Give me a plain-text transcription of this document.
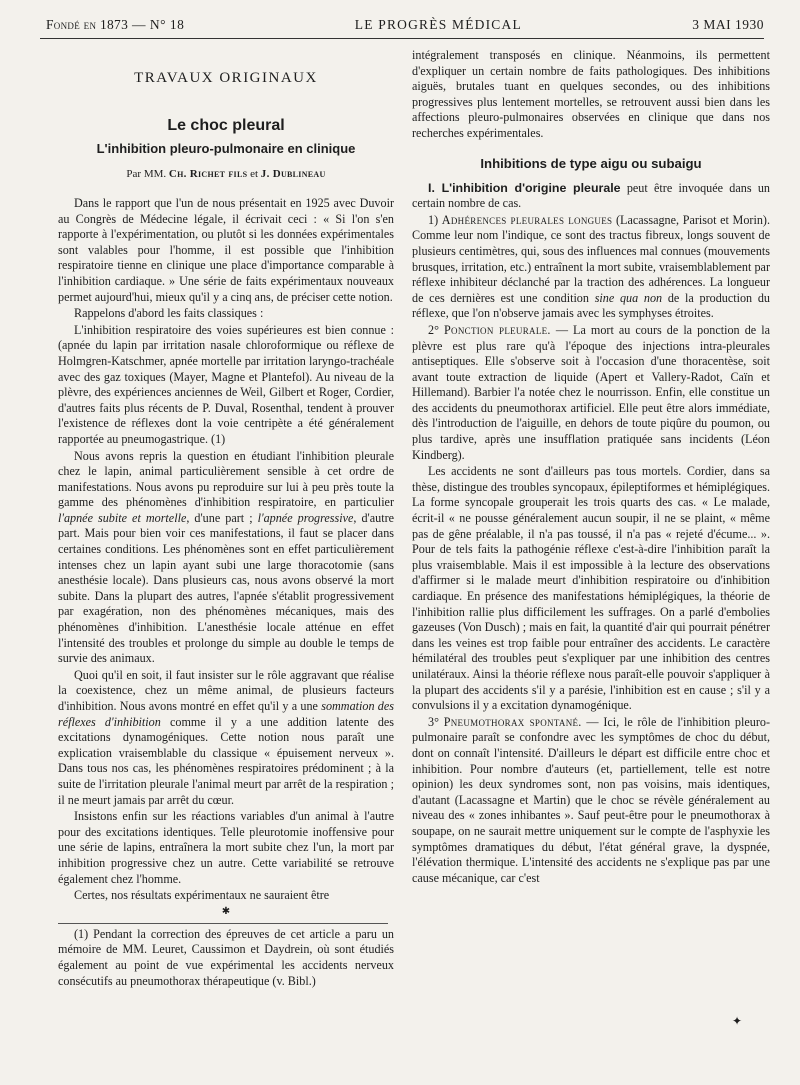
Fondé en 1873 — N° 18	LE PROGRÈS MÉDICAL	3 MAI 1930
TRAVAUX ORIGINAUX
Le choc pleural
L'inhibition pleuro-pulmonaire en clinique
Par MM. Ch. Richet fils et J. Dublineau

Dans le rapport que l'un de nous présentait en 1925 avec Duvoir au Congrès de Médecine légale, il écrivait ceci : « Si l'on s'en rapporte à l'expérimentation, ou plutôt si les données expérimentales sont valables pour l'homme, il est possible que l'inhibition respiratoire tienne en clinique une place d'importance comparable à l'inhibition cardiaque. » Une série de faits expérimentaux nouveaux permet aujourd'hui, mieux qu'il y a cinq ans, de préciser cette notion.

Rappelons d'abord les faits classiques :

L'inhibition respiratoire des voies supérieures est bien connue : (apnée du lapin par irritation nasale chloroformique ou réflexe de Holmgren-Katschmer, apnée mortelle par irritation laryngo-trachéale avec des gaz toxiques (Mayer, Magne et Plantefol). Au niveau de la plèvre, des expériences anciennes de Weil, Gilbert et Roger, Cordier, d'autres faits plus récents de P. Duval, Rosenthal, tendent à prouver l'existence de réflexes dont la voie centripète a été généralement rapportée au pneumogastrique. (1)

Nous avons repris la question en étudiant l'inhibition pleurale chez le lapin, animal particulièrement sensible à cet ordre de manifestations. Nous avons pu reproduire sur lui à peu près toute la gamme des phénomènes d'inhibition respiratoire, en particulier l'apnée subite et mortelle, d'une part ; l'apnée progressive, d'autre part. Mais pour bien voir ces manifestations, il faut se placer dans certaines conditions. Les phénomènes sont en effet particulièrement intenses chez un lapin ayant subi une large thoracotomie (sans anesthésie locale). Dans plusieurs cas, nous avons observé la mort subite. Dans la plupart des autres, l'apnée s'établit progressivement par exagération, non des phénomènes mécaniques, mais des phénomènes d'inhibition. L'anesthésie locale atténue en effet l'intensité des troubles et prolonge du simple au double le temps de survie des animaux.

Quoi qu'il en soit, il faut insister sur le rôle aggravant que réalise la coexistence, chez un même animal, de plusieurs facteurs d'inhibition. Nous avons montré en effet qu'il y a une sommation des réflexes d'inhibition comme il y a une addition latente des excitations dynamogéniques. Cette notion nous paraît une explication vraisemblable du classique « épuisement nerveux ». Dans tous nos cas, les phénomènes respiratoires prédominent ; à la suite de l'irritation pleurale l'animal meurt par arrêt de la respiration ; il ne meurt jamais par arrêt du cœur.

Insistons enfin sur les réactions variables d'un animal à l'autre pour des excitations identiques. Telle pleurotomie inoffensive pour une série de lapins, entraînera la mort subite chez l'un, la mort par inhibition progressive chez un autre. Cette variabilité se retrouve également chez l'homme.

Certes, nos résultats expérimentaux ne sauraient être

✱

(1) Pendant la correction des épreuves de cet article a paru un mémoire de MM. Leuret, Caussimon et Daydrein, où sont étudiés également au point de vue expérimental les accidents nerveux consécutifs au pneumothorax thérapeutique (v. Bibl.)

intégralement transposés en clinique. Néanmoins, ils permettent d'expliquer un certain nombre de faits pathologiques. Des inhibitions aiguës, brutales tuant en quelques secondes, ou des inhibitions progressives plus lentement mortelles, se retrouvent aussi bien dans les affections pleuro-pulmonaires observées en clinique que dans nos recherches expérimentales.

Inhibitions de type aigu ou subaigu

I. L'inhibition d'origine pleurale peut être invoquée dans un certain nombre de cas.

1) Adhérences pleurales longues (Lacassagne, Parisot et Morin). Comme leur nom l'indique, ce sont des tractus fibreux, longs souvent de plusieurs centimètres, qui, sous des influences mal connues (mouvements brusques, irritation, etc.) entraînent la mort subite, vraisemblablement par réflexe inhibiteur déclanché par la traction des adhérences. La longueur de ces dernières est une condition sine qua non de la production du réflexe, que l'on n'observe jamais avec les symphyses étroites.

2° Ponction pleurale. — La mort au cours de la ponction de la plèvre est plus rare qu'à l'époque des injections intra-pleurales antiseptiques. Elle s'observe soit à l'occasion d'une thoracentèse, soit avant toute extraction de liquide (Apert et Vallery-Radot, Caïn et Hillemand). Barbier l'a notée chez le nourrisson. Enfin, elle constitue un des accidents du pneumothorax artificiel. Elle peut être alors immédiate, dès l'introduction de l'aiguille, en dehors de toute piqûre du poumon, ou plus tardive, après une insufflation pratiquée sans incidents (Léon Kindberg).

Les accidents ne sont d'ailleurs pas tous mortels. Cordier, dans sa thèse, distingue des troubles syncopaux, épileptiformes et hémiplégiques. La forme syncopale grouperait les trois quarts des cas. « Le malade, écrit-il « ne pousse généralement aucun soupir, il ne se plaint, « même pas de gêne préalable, il n'a pas toussé, il n'a pas « rejeté d'écume... ». Pour de tels faits la pathogénie réflexe c'est-à-dire l'inhibition paraît la plus vraisemblable. Mais il est impossible à la lecture des observations d'affirmer si le malade meurt d'inhibition respiratoire ou d'inhibition cardiaque. En présence des manifestations hémiplégiques, la théorie de l'inhibition rallie plus difficilement les suffrages. On a parlé d'embolies gazeuses (Von Dusch) ; mais en fait, la quantité d'air qui pourrait pénétrer dans les veines est trop faible pour entraîner des accidents. Le caractère hémilatéral des troubles peut s'expliquer par une inhibition des centres unilatéraux. Ainsi la théorie réflexe nous paraît-elle pouvoir s'appliquer à la plupart des accidents s'il y a parésie, l'inhibition est en cause ; s'il y a convulsions il y a excitation dynamogénique.

3° Pneumothorax spontané. — Ici, le rôle de l'inhibition pleuro-pulmonaire paraît se confondre avec les symptômes de choc du début, dont on connaît l'intensité. D'ailleurs le départ est difficile entre choc et inhibition. Pour nombre d'auteurs (et, partiellement, telle est notre opinion) les deux syndromes sont, non pas voisins, mais identiques, d'autant (Lacassagne et Martin) que le choc se révèle généralement au niveau des « zones inhibantes ». Sauf peut-être pour le pneumothorax à soupape, on ne saurait mettre uniquement sur le compte de l'asphyxie les symptômes dramatiques du début, l'état général grave, la dyspnée, l'élévation thermique. L'intensité des accidents ne s'explique pas par une cause mécanique, car c'est

✦
